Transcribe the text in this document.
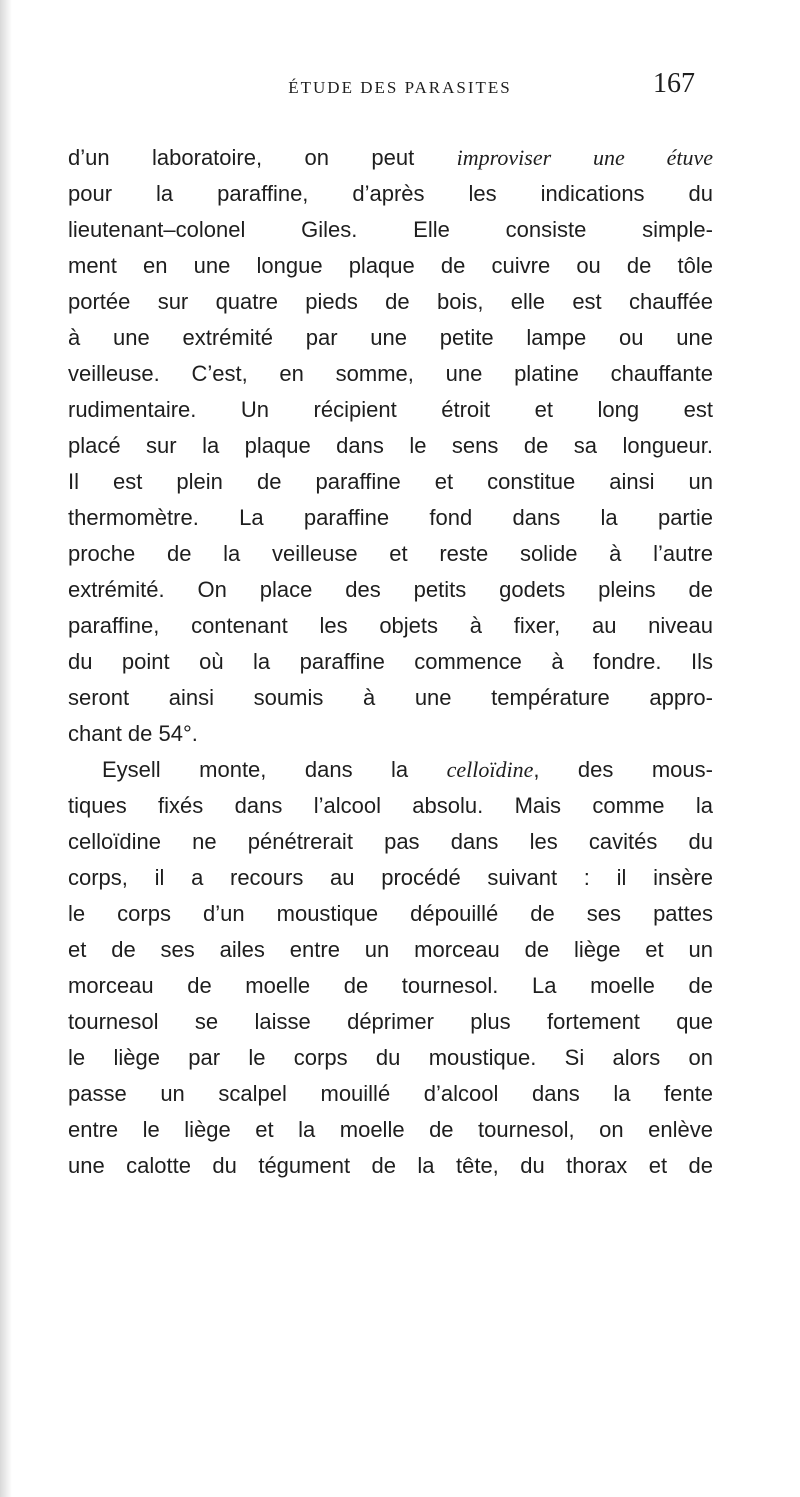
ÉTUDE DES PARASITES	167
d’un laboratoire, on peut improviser une étuve
pour la paraffine, d’après les indications du
lieutenant–colonel Giles. Elle consiste simple-
ment en une longue plaque de cuivre ou de tôle
portée sur quatre pieds de bois, elle est chauffée
à une extrémité par une petite lampe ou une
veilleuse. C’est, en somme, une platine chauffante
rudimentaire. Un récipient étroit et long est
placé sur la plaque dans le sens de sa longueur.
Il est plein de paraffine et constitue ainsi un
thermomètre. La paraffine fond dans la partie
proche de la veilleuse et reste solide à l’autre
extrémité. On place des petits godets pleins de
paraffine, contenant les objets à fixer, au niveau
du point où la paraffine commence à fondre. Ils
seront ainsi soumis à une température appro-
chant de 54°.
Eysell monte, dans la celloïdine, des mous-
tiques fixés dans l’alcool absolu. Mais comme la
celloïdine ne pénétrerait pas dans les cavités du
corps, il a recours au procédé suivant : il insère
le corps d’un moustique dépouillé de ses pattes
et de ses ailes entre un morceau de liège et un
morceau de moelle de tournesol. La moelle de
tournesol se laisse déprimer plus fortement que
le liège par le corps du moustique. Si alors on
passe un scalpel mouillé d’alcool dans la fente
entre le liège et la moelle de tournesol, on enlève
une calotte du tégument de la tête, du thorax et de
